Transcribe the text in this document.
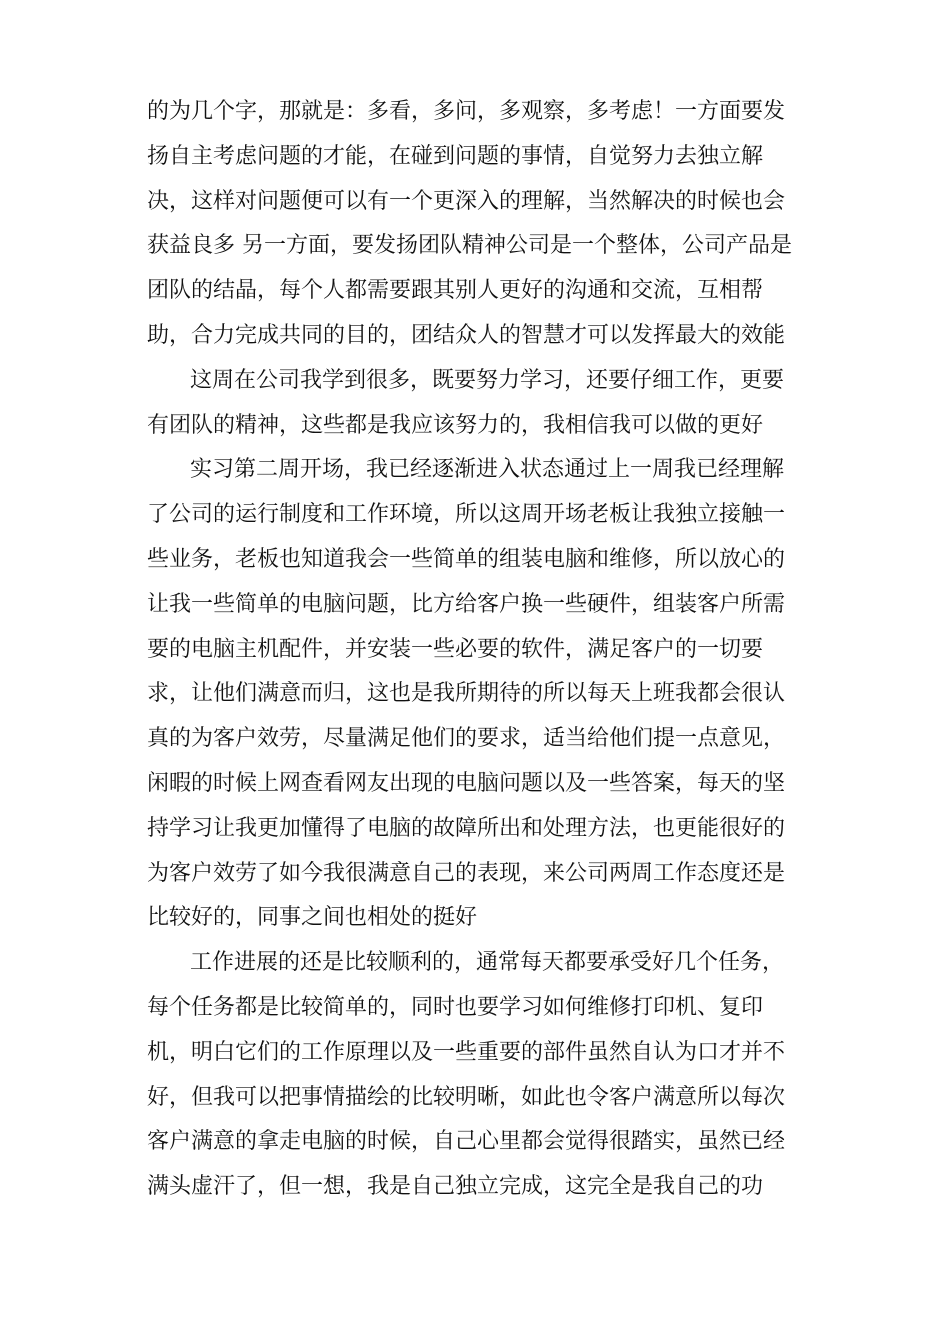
的为几个字，那就是：多看，多问，多观察，多考虑！一方面要发
扬自主考虑问题的才能，在碰到问题的事情，自觉努力去独立解
决，这样对问题便可以有一个更深入的理解，当然解决的时候也会
获益良多 另一方面，要发扬团队精神公司是一个整体，公司产品是
团队的结晶，每个人都需要跟其别人更好的沟通和交流，互相帮
助，合力完成共同的目的，团结众人的智慧才可以发挥最大的效能
这周在公司我学到很多，既要努力学习，还要仔细工作，更要
有团队的精神，这些都是我应该努力的，我相信我可以做的更好
实习第二周开场，我已经逐渐进入状态通过上一周我已经理解
了公司的运行制度和工作环境，所以这周开场老板让我独立接触一
些业务，老板也知道我会一些简单的组装电脑和维修，所以放心的
让我一些简单的电脑问题，比方给客户换一些硬件，组装客户所需
要的电脑主机配件，并安装一些必要的软件，满足客户的一切要
求，让他们满意而归，这也是我所期待的所以每天上班我都会很认
真的为客户效劳，尽量满足他们的要求，适当给他们提一点意见，
闲暇的时候上网查看网友出现的电脑问题以及一些答案，每天的坚
持学习让我更加懂得了电脑的故障所出和处理方法，也更能很好的
为客户效劳了如今我很满意自己的表现，来公司两周工作态度还是
比较好的，同事之间也相处的挺好
工作进展的还是比较顺利的，通常每天都要承受好几个任务，
每个任务都是比较简单的，同时也要学习如何维修打印机、复印
机，明白它们的工作原理以及一些重要的部件虽然自认为口才并不
好，但我可以把事情描绘的比较明晰，如此也令客户满意所以每次
客户满意的拿走电脑的时候，自己心里都会觉得很踏实，虽然已经
满头虚汗了，但一想，我是自己独立完成，这完全是我自己的功
